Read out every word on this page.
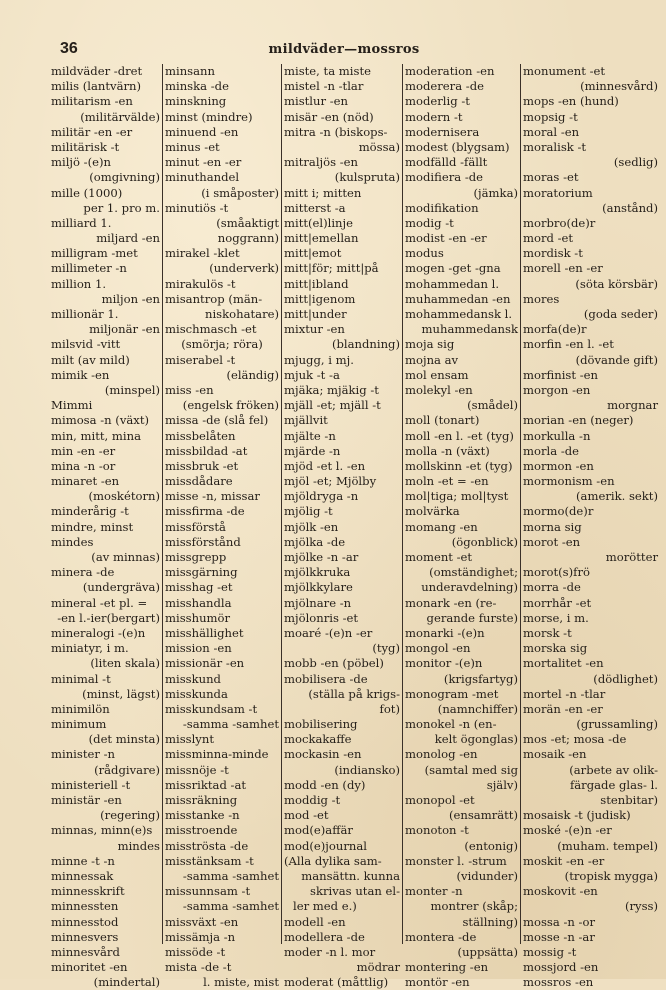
36	mildväder—mossros
mildväder -dret
milis (lantvärn)
militarism -en
(militärvälde)
militär -en -er
militärisk -t
miljö -(e)n
(omgivning)
mille (1000)
per 1. pro m.
milliard 1.
miljard -en
milligram -met
millimeter -n
million 1.
miljon -en
millionär 1.
miljonär -en
milsvid -vitt
milt (av mild)
mimik -en
(minspel)
Mimmi
mimosa -n (växt)
min, mitt, mina
min -en -er
mina -n -or
minaret -en
(moskétorn)
minderårig -t
mindre, minst
mindes
(av minnas)
minera -de
(undergräva)
mineral -et pl. =
-en l.-ier(bergart)
mineralogi -(e)n
miniatyr, i m.
(liten skala)
minimal -t
(minst, lägst)
minimilön
minimum
(det minsta)
minister -n
(rådgivare)
ministeriell -t
ministär -en
(regering)
minnas, minn(e)s
mindes
minne -t -n
minnessak
minnesskrift
minnessten
minnesstod
minnesvers
minnesvård
minoritet -en
(mindertal)
minsann
minska -de
minskning
minst (mindre)
minuend -en
minus -et
minut -en -er
minuthandel
(i småposter)
minutiös -t
(småaktigt
noggrann)
mirakel -klet
(underverk)
mirakulös -t
misantrop (män-
niskohatare)
mischmasch -et
(smörja; röra)
miserabel -t
(eländig)
miss -en
(engelsk fröken)
missa -de (slå fel)
missbelåten
missbildad -at
missbruk -et
missdådare
misse -n, missar
missfirma -de
missförstå
missförstånd
missgrepp
missgärning
misshag -et
misshandla
misshumör
misshällighet
mission -en
missionär -en
misskund
misskunda
misskundsam -t
-samma -samhet
misslynt
missminna-minde
missnöje -t
missriktad -at
missräkning
misstanke -n
misstroende
misströsta -de
misstänksam -t
-samma -samhet
missunnsam -t
-samma -samhet
missväxt -en
missämja -n
missöde -t
mista -de -t
l. miste, mist
miste, ta miste
mistel -n -tlar
mistlur -en
misär -en (nöd)
mitra -n (biskops-
mössa)
mitraljös -en
(kulspruta)
mitt i; mitten
mitterst -a
mitt(el)linje
mitt|emellan
mitt|emot
mitt|för; mitt|på
mitt|ibland
mitt|igenom
mitt|under
mixtur -en
(blandning)
mjugg, i mj.
mjuk -t -a
mjäka; mjäkig -t
mjäll -et; mjäll -t
mjällvit
mjälte -n
mjärde -n
mjöd -et l. -en
mjöl -et; Mjölby
mjöldryga -n
mjölig -t
mjölk -en
mjölka -de
mjölke -n -ar
mjölkkruka
mjölkkylare
mjölnare -n
mjölonris -et
moaré -(e)n -er
(tyg)
mobb -en (pöbel)
mobilisera -de
(ställa på krigs-
fot)
mobilisering
mockakaffe
mockasin -en
(indiansko)
modd -en (dy)
moddig -t
mod -et
mod(e)affär
mod(e)journal
(Alla dylika sam-
mansättn. kunna
skrivas utan el-
ler med e.)
modell -en
modellera -de
moder -n l. mor
mödrar
moderat (måttlig)
moderation -en
moderera -de
moderlig -t
modern -t
modernisera
modest (blygsam)
modfälld -fällt
modifiera -de
(jämka)
modifikation
modig -t
modist -en -er
modus
mogen -get -gna
mohammedan l.
muhammedan -en
mohammedansk l.
muhammedansk
moja sig
mojna av
mol ensam
molekyl -en
(smådel)
moll (tonart)
moll -en l. -et (tyg)
molla -n (växt)
mollskinn -et (tyg)
moln -et = -en
mol|tiga; mol|tyst
molvärka
momang -en
(ögonblick)
moment -et
(omständighet;
underavdelning)
monark -en (re-
gerande furste)
monarki -(e)n
mongol -en
monitor -(e)n
(krigsfartyg)
monogram -met
(namnchiffer)
monokel -n (en-
kelt ögonglas)
monolog -en
(samtal med sig
själv)
monopol -et
(ensamrätt)
monoton -t
(entonig)
monster l. -strum
(vidunder)
monter -n
montrer (skåp;
ställning)
montera -de
(uppsätta)
montering -en
montör -en
monument -et
(minnesvård)
mops -en (hund)
mopsig -t
moral -en
moralisk -t
(sedlig)
moras -et
moratorium
(anstånd)
morbro(de)r
mord -et
mordisk -t
morell -en -er
(söta körsbär)
mores
(goda seder)
morfa(de)r
morfin -en l. -et
(dövande gift)
morfinist -en
morgon -en
morgnar
morian -en (neger)
morkulla -n
morla -de
mormon -en
mormonism -en
(amerik. sekt)
mormo(de)r
morna sig
morot -en
morötter
morot(s)frö
morra -de
morrhår -et
morse, i m.
morsk -t
morska sig
mortalitet -en
(dödlighet)
mortel -n -tlar
morän -en -er
(grussamling)
mos -et; mosa -de
mosaik -en
(arbete av olik-
färgade glas- l.
stenbitar)
mosaisk -t (judisk)
moské -(e)n -er
(muham. tempel)
moskit -en -er
(tropisk mygga)
moskovit -en
(ryss)
mossa -n -or
mosse -n -ar
mossig -t
mossjord -en
mossros -en
